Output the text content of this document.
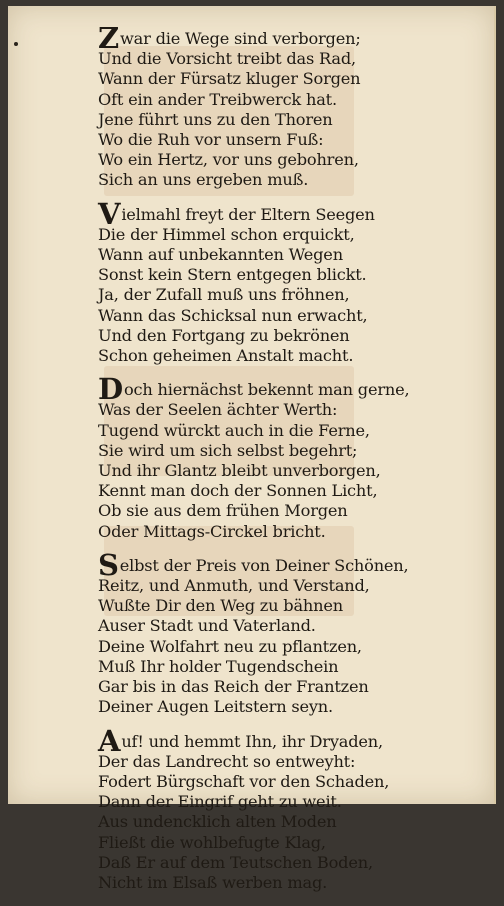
Zwar die Wege sind verborgen;
Und die Vorsicht treibt das Rad,
Wann der Fürsatz kluger Sorgen
Oft ein ander Treibwerck hat.
Jene führt uns zu den Thoren
Wo die Ruh vor unsern Fuß:
Wo ein Hertz, vor uns gebohren,
Sich an uns ergeben muß.
Vielmahl freyt der Eltern Seegen
Die der Himmel schon erquickt,
Wann auf unbekannten Wegen
Sonst kein Stern entgegen blickt.
Ja, der Zufall muß uns fröhnen,
Wann das Schicksal nun erwacht,
Und den Fortgang zu bekrönen
Schon geheimen Anstalt macht.
Doch hiernächst bekennt man gerne,
Was der Seelen ächter Werth:
Tugend würckt auch in die Ferne,
Sie wird um sich selbst begehrt;
Und ihr Glantz bleibt unverborgen,
Kennt man doch der Sonnen Licht,
Ob sie aus dem frühen Morgen
Oder Mittags-Circkel bricht.
Selbst der Preis von Deiner Schönen,
Reitz, und Anmuth, und Verstand,
Wußte Dir den Weg zu bähnen
Auser Stadt und Vaterland.
Deine Wolfahrt neu zu pflantzen,
Muß Ihr holder Tugendschein
Gar bis in das Reich der Frantzen
Deiner Augen Leitstern seyn.
Auf! und hemmt Ihn, ihr Dryaden,
Der das Landrecht so entweyht:
Fodert Bürgschaft vor den Schaden,
Dann der Eingrif geht zu weit.
Aus undencklich alten Moden
Fließt die wohlbefugte Klag,
Daß Er auf dem Teutschen Boden,
Nicht im Elsaß werben mag.
